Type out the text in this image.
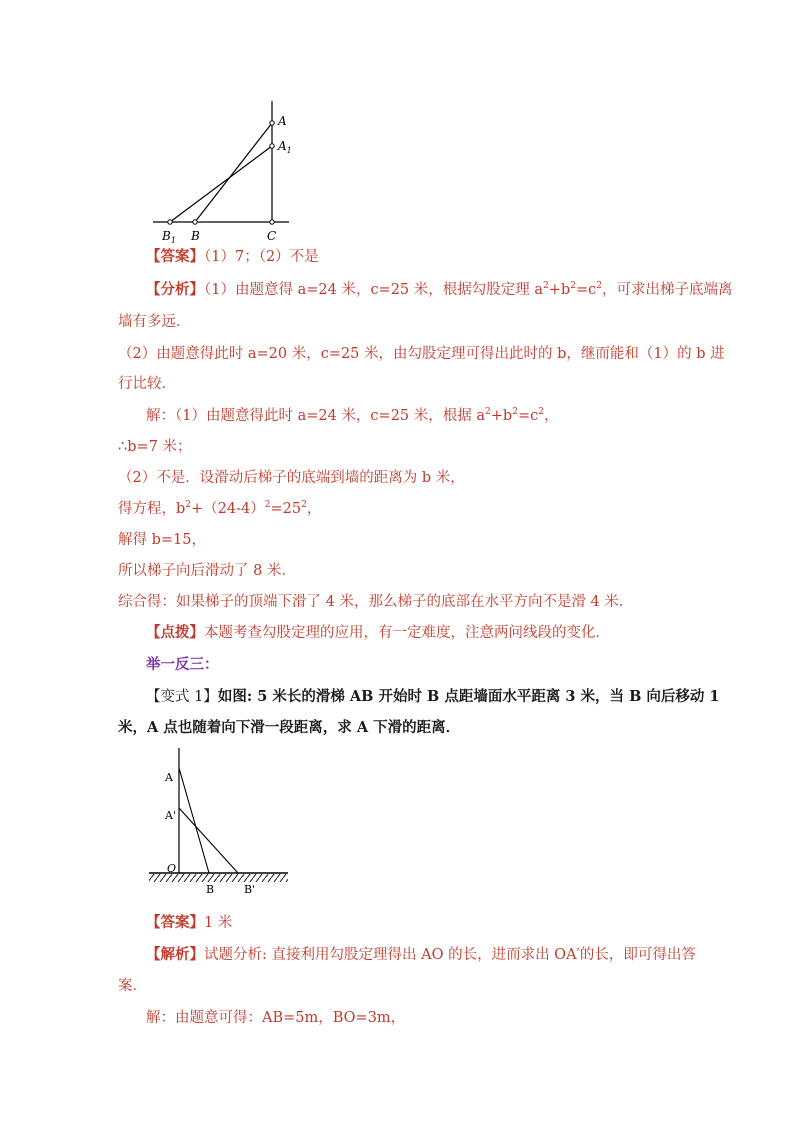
A
$A_1$
$B_1$ B	C
【答案】（1）7；（2）不是
【分析】（1）由题意得 a=24 米，c=25 米，根据勾股定理 $a^2+b^2=c^2$，可求出梯子底端离
墙有多远．
（2）由题意得此时 a=20 米，c=25 米，由勾股定理可得出此时的 b，继而能和（1）的 b 进
行比较．
解：（1）由题意得此时 a=24 米，c=25 米，根据 $a^2+b^2=c^2$，
∴b=7 米；
（2）不是．设滑动后梯子的底端到墙的距离为 b 米，
得方程，$b^2+(24-4)^2=25^2$，
解得 b=15，
所以梯子向后滑动了 8 米．
综合得：如果梯子的顶端下滑了 4 米，那么梯子的底部在水平方向不是滑 4 米．
【点拨】本题考查勾股定理的应用，有一定难度，注意两问线段的变化．
举一反三：
【变式 1】如图: 5 米长的滑梯 AB 开始时 B 点距墙面水平距离 3 米，当 B 向后移动 1
米，A 点也随着向下滑一段距离，求 A 下滑的距离．
A
A'
O
B	B'
【答案】1 米
【解析】试题分析: 直接利用勾股定理得出 AO 的长，进而求出 OA′的长，即可得出答
案．
解：由题意可得：AB=5m，BO=3m，
